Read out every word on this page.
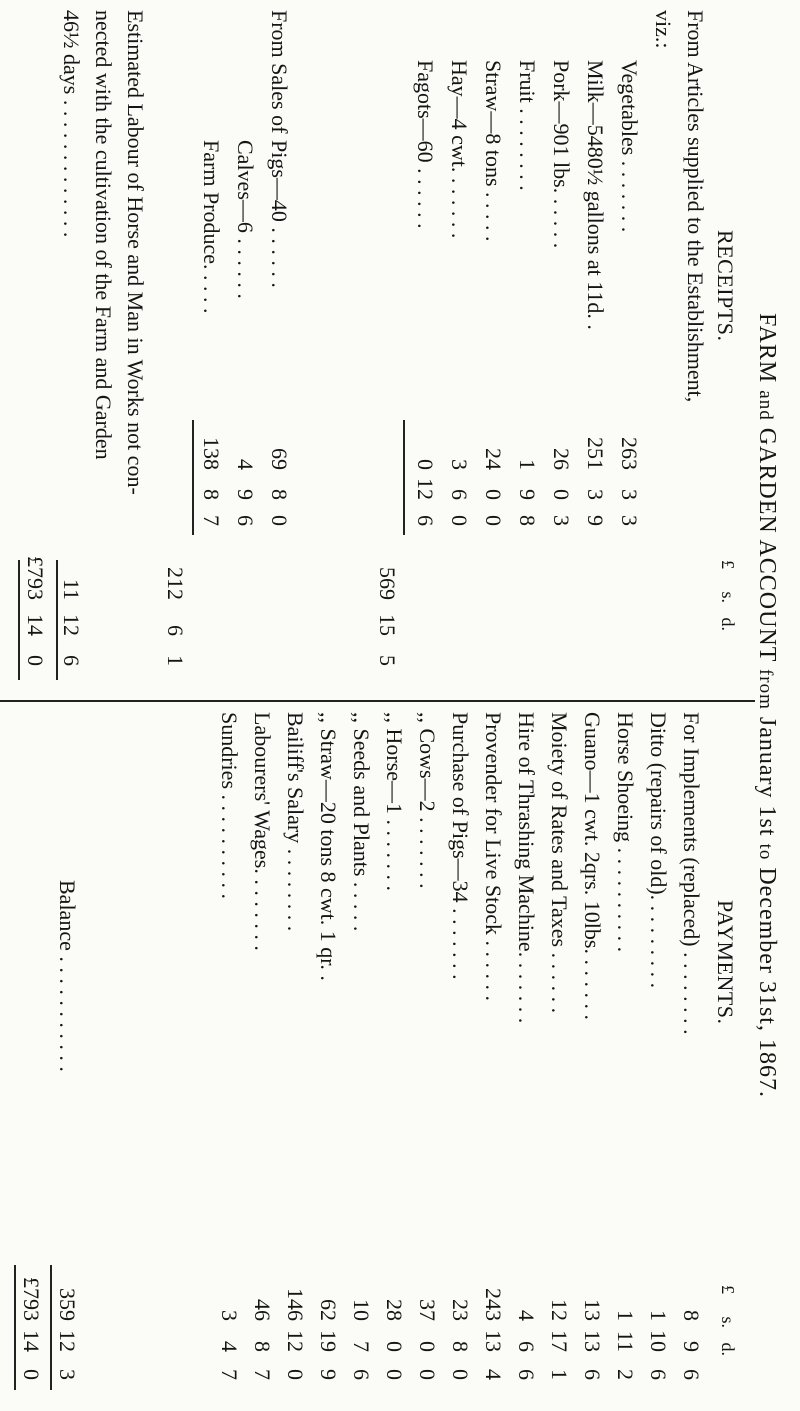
FARM and GARDEN ACCOUNT from January 1st to December 31st, 1867.
RECEIPTS.
£ s. d.
From Articles supplied to the Establishment,
viz.:
Vegetables . . . . . . .
263
3
3
Milk—5480½ gallons at 11d. .
251
3
9
Pork—901 lbs. . . . . .
26
0
3
Fruit . . . . . . . .
1
9
8
Straw—8 tons . . . . .
24
0
0
Hay—4 cwt. . . . . . .
3
6
0
Fagots—60 . . . . . .
0
12
6
569
15
5
From Sales of
Pigs—40 . . . . . .
69
8
0
Calves—6 . . . . . .
4
9
6
Farm Produce. . . . .
138
8
7
212
6
1
Estimated Labour of Horse and Man in Works not con-
nected with the cultivation of the Farm and Garden
46½ days . . . . . . . . . . . . .
11
12
6
£793
14
0
PAYMENTS.
£ s. d.
For Implements (replaced) . . . . . . . .
8
9
6
Ditto (repairs of old). . . . . . . . .
1
10
6
Horse Shoeing . . . . . . . . . .
1
11
2
Guano—1 cwt. 2qrs. 10lbs. . . . . . .
13
13
6
Moiety of Rates and Taxes . . . . . .
12
17
1
Hire of Thrashing Machine. . . . . . .
4
6
6
Provender for Live Stock . . . . . .
243
13
4
Purchase of Pigs—34 . . . . . . .
23
8
0
,, Cows—2 . . . . . . .
37
0
0
,, Horse—1 . . . . . . .
28
0
0
,, Seeds and Plants . . . . .
10
7
6
,, Straw—20 tons 8 cwt. 1 qr. .
62
19
9
Bailiff's Salary . . . . . . . .
146
12
0
Labourers' Wages. . . . . . . .
46
8
7
Sundries . . . . . . . . . .
3
4
7
Balance . . . . . . . . . . .
359
12
3
£793
14
0
